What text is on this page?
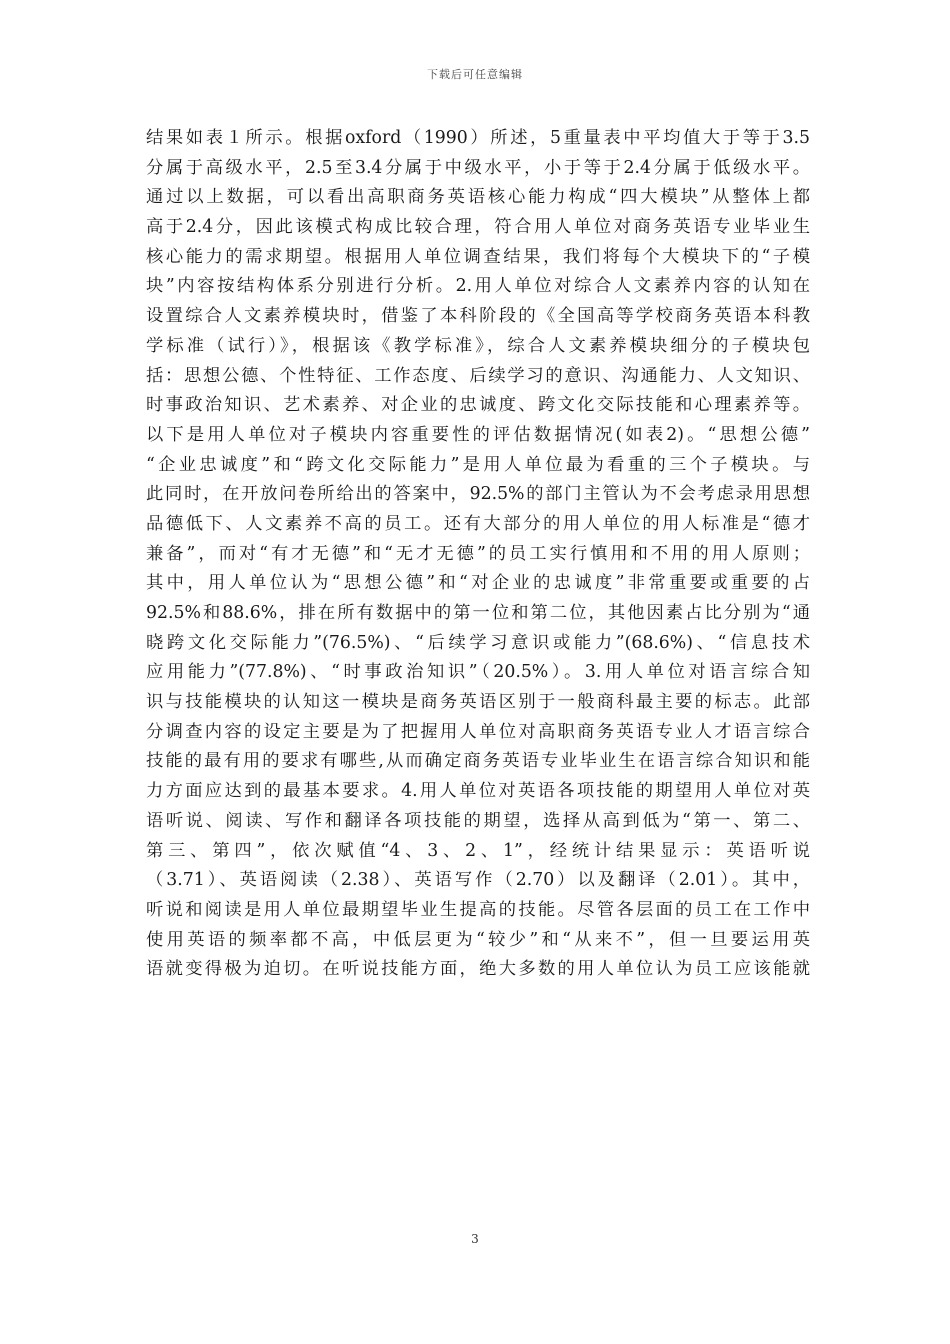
下载后可任意编辑
结果如表１所示。根据oxford（1990）所述，5重量表中平均值大于等于3.5
分属于高级水平，2.5至3.4分属于中级水平，小于等于2.4分属于低级水平。
通过以上数据，可以看出高职商务英语核心能力构成“四大模块”从整体上都
高于2.4分，因此该模式构成比较合理，符合用人单位对商务英语专业毕业生
核心能力的需求期望。根据用人单位调查结果，我们将每个大模块下的“子模
块”内容按结构体系分别进行分析。2.用人单位对综合人文素养内容的认知在
设置综合人文素养模块时，借鉴了本科阶段的《全国高等学校商务英语本科教
学标准（试行）》，根据该《教学标准》，综合人文素养模块细分的子模块包
括：思想公德、个性特征、工作态度、后续学习的意识、沟通能力、人文知识、
时事政治知识、艺术素养、对企业的忠诚度、跨文化交际技能和心理素养等。
以下是用人单位对子模块内容重要性的评估数据情况(如表2)。“思想公德”
“企业忠诚度”和“跨文化交际能力”是用人单位最为看重的三个子模块。与
此同时，在开放问卷所给出的答案中，92.5%的部门主管认为不会考虑录用思想
品德低下、人文素养不高的员工。还有大部分的用人单位的用人标准是“德才
兼备”，而对“有才无德”和“无才无德”的员工实行慎用和不用的用人原则；
其中，用人单位认为“思想公德”和“对企业的忠诚度”非常重要或重要的占
92.5%和88.6%，排在所有数据中的第一位和第二位，其他因素占比分别为“通
晓跨文化交际能力”(76.5%)、“后续学习意识或能力”(68.6%)、“信息技术
应用能力”(77.8%)、“时事政治知识”（20.5%）。3.用人单位对语言综合知
识与技能模块的认知这一模块是商务英语区别于一般商科最主要的标志。此部
分调查内容的设定主要是为了把握用人单位对高职商务英语专业人才语言综合
技能的最有用的要求有哪些,从而确定商务英语专业毕业生在语言综合知识和能
力方面应达到的最基本要求。4.用人单位对英语各项技能的期望用人单位对英
语听说、阅读、写作和翻译各项技能的期望，选择从高到低为“第一、第二、
第三、第四”，依次赋值“4、3、2、1”，经统计结果显示：英语听说
（3.71）、英语阅读（2.38）、英语写作（2.70）以及翻译（2.01）。其中，
听说和阅读是用人单位最期望毕业生提高的技能。尽管各层面的员工在工作中
使用英语的频率都不高，中低层更为“较少”和“从来不”，但一旦要运用英
语就变得极为迫切。在听说技能方面，绝大多数的用人单位认为员工应该能就
3
